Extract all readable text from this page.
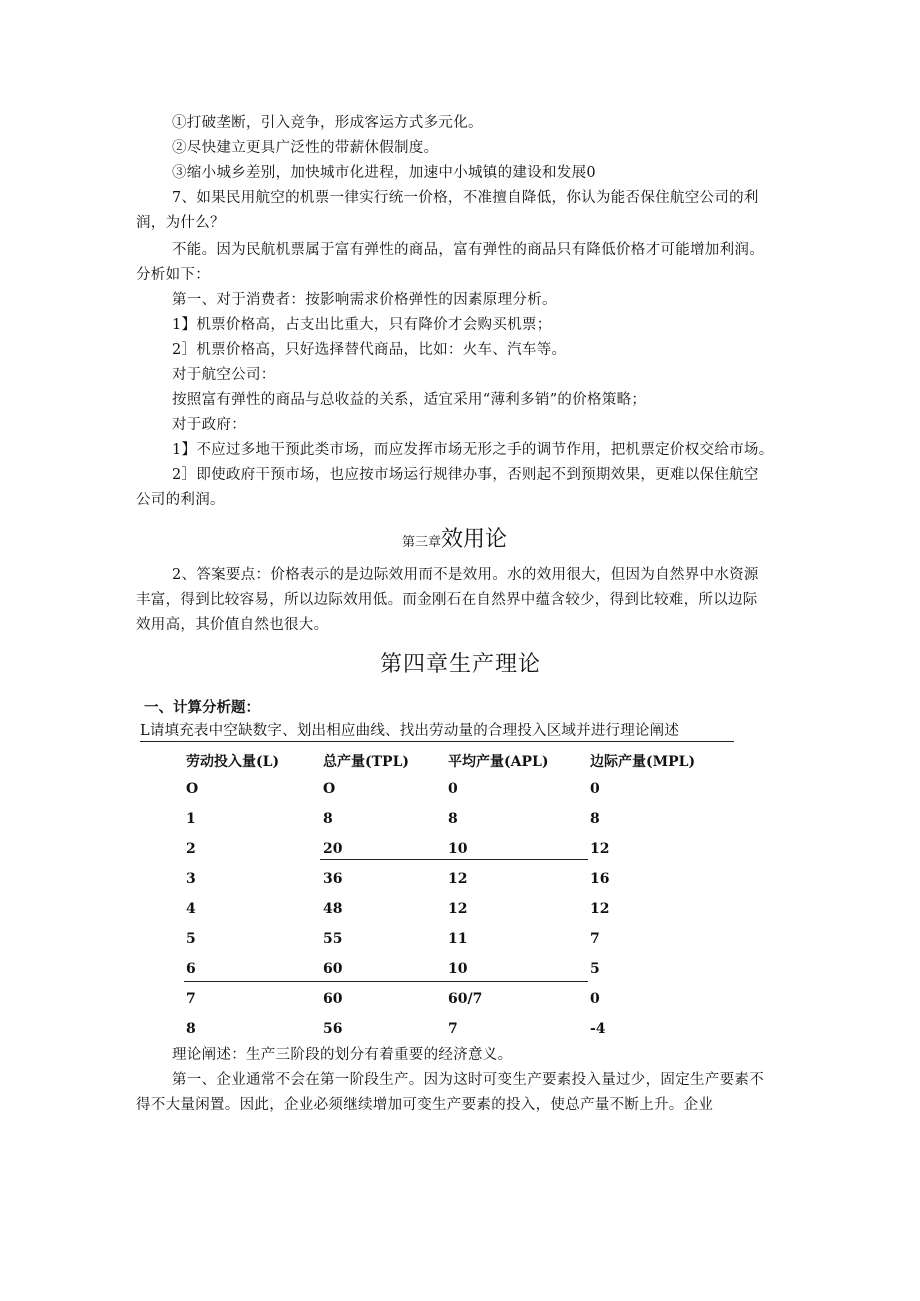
①打破垄断，引入竞争，形成客运方式多元化。
②尽快建立更具广泛性的带薪休假制度。
③缩小城乡差别，加快城市化进程，加速中小城镇的建设和发展0
7、如果民用航空的机票一律实行统一价格，不准擅自降低，你认为能否保住航空公司的利
润，为什么？
不能。因为民航机票属于富有弹性的商品，富有弹性的商品只有降低价格才可能增加利润。
分析如下：
第一、对于消费者：按影响需求价格弹性的因素原理分析。
1】机票价格高，占支出比重大，只有降价才会购买机票；
2］机票价格高，只好选择替代商品，比如：火车、汽车等。
对于航空公司：
按照富有弹性的商品与总收益的关系，适宜采用“薄利多销”的价格策略；
对于政府：
1】不应过多地干预此类市场，而应发挥市场无形之手的调节作用，把机票定价权交给市场。
2］即使政府干预市场，也应按市场运行规律办事，否则起不到预期效果，更难以保住航空
公司的利润。
第三章效用论
2、答案要点：价格表示的是边际效用而不是效用。水的效用很大，但因为自然界中水资源
丰富，得到比较容易，所以边际效用低。而金刚石在自然界中蕴含较少，得到比较难，所以边际
效用高，其价值自然也很大。
第四章生产理论
一、计算分析题：
L请填充表中空缺数字、划出相应曲线、找出劳动量的合理投入区域并进行理论阐述
劳动投入量(L)	总产量(TPL)	平均产量(APL)	边际产量(MPL)
O	O	0	0
1	8	8	8
2	20	10	12
3	36	12	16
4	48	12	12
5	55	11	7
6	60	10	5
7	60	60/7	0
8	56	7	-4
理论阐述：生产三阶段的划分有着重要的经济意义。
第一、企业通常不会在第一阶段生产。因为这时可变生产要素投入量过少，固定生产要素不
得不大量闲置。因此，企业必须继续增加可变生产要素的投入，使总产量不断上升。企业
